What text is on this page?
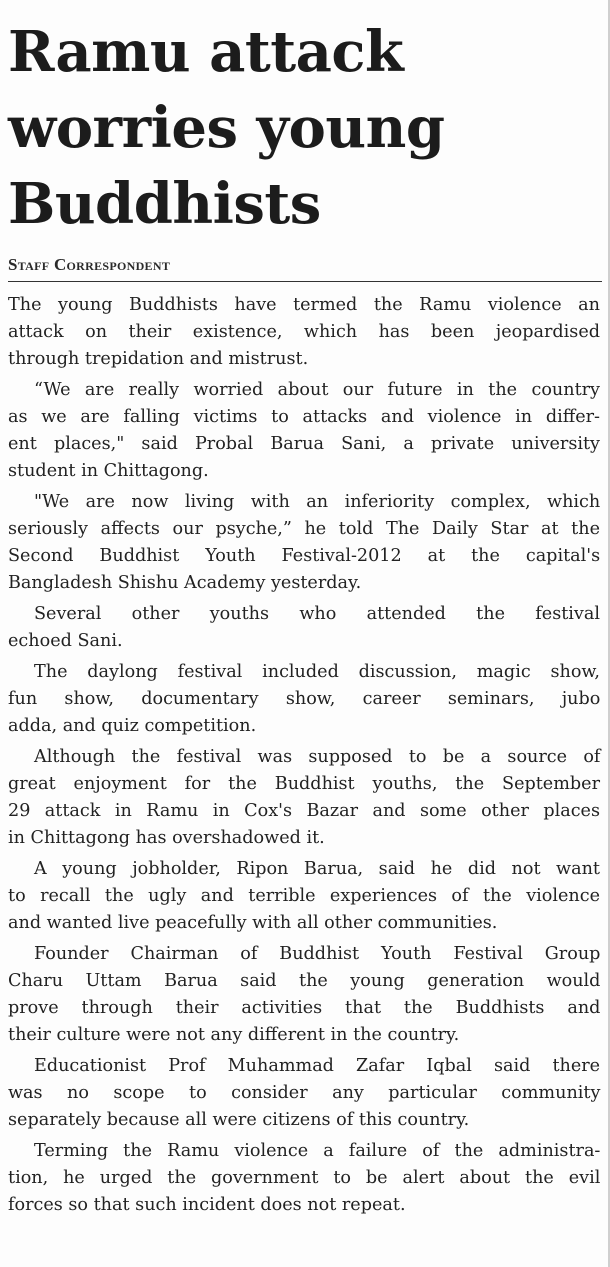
Ramu attack
worries young
Buddhists
Staff Correspondent

The young Buddhists have termed the Ramu violence an
attack on their existence, which has been jeopardised
through trepidation and mistrust.

“We are really worried about our future in the country
as we are falling victims to attacks and violence in differ-
ent places," said Probal Barua Sani, a private university
student in Chittagong.

"We are now living with an inferiority complex, which
seriously affects our psyche,” he told The Daily Star at the
Second Buddhist Youth Festival-2012 at the capital's
Bangladesh Shishu Academy yesterday.

Several other youths who attended the festival
echoed Sani.

The daylong festival included discussion, magic show,
fun show, documentary show, career seminars, jubo
adda, and quiz competition.

Although the festival was supposed to be a source of
great enjoyment for the Buddhist youths, the September
29 attack in Ramu in Cox's Bazar and some other places
in Chittagong has overshadowed it.

A young jobholder, Ripon Barua, said he did not want
to recall the ugly and terrible experiences of the violence
and wanted live peacefully with all other communities.

Founder Chairman of Buddhist Youth Festival Group
Charu Uttam Barua said the young generation would
prove through their activities that the Buddhists and
their culture were not any different in the country.

Educationist Prof Muhammad Zafar Iqbal said there
was no scope to consider any particular community
separately because all were citizens of this country.

Terming the Ramu violence a failure of the administra-
tion, he urged the government to be alert about the evil
forces so that such incident does not repeat.
